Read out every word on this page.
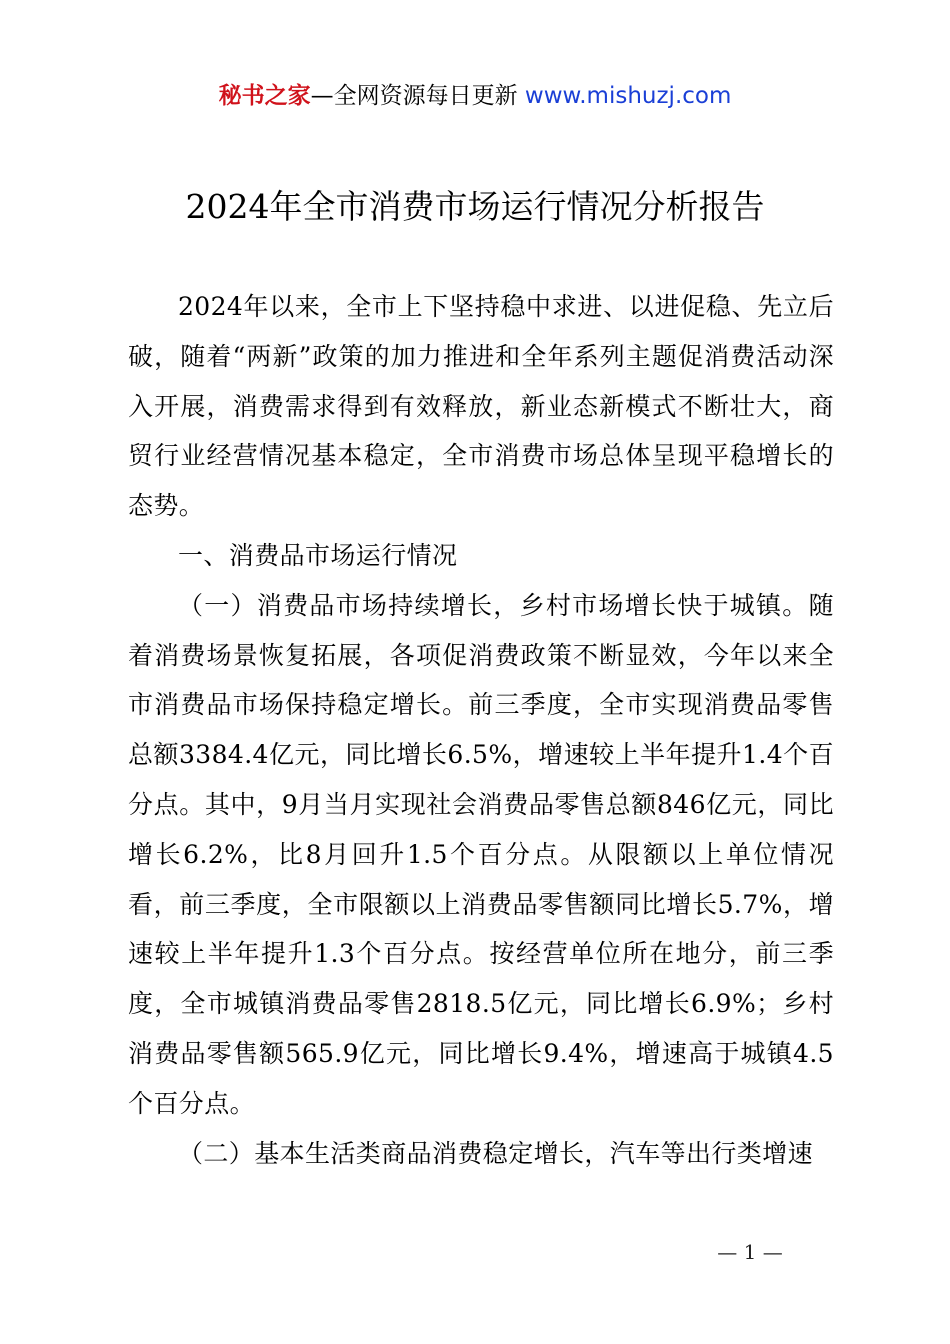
秘书之家—全网资源每日更新 www.mishuzj.com
2024年全市消费市场运行情况分析报告

2024年以来，全市上下坚持稳中求进、以进促稳、先立后破，随着“两新”政策的加力推进和全年系列主题促消费活动深入开展，消费需求得到有效释放，新业态新模式不断壮大，商贸行业经营情况基本稳定，全市消费市场总体呈现平稳增长的态势。

一、消费品市场运行情况

（一）消费品市场持续增长，乡村市场增长快于城镇。随着消费场景恢复拓展，各项促消费政策不断显效，今年以来全市消费品市场保持稳定增长。前三季度，全市实现消费品零售总额3384.4亿元，同比增长6.5%，增速较上半年提升1.4个百分点。其中，9月当月实现社会消费品零售总额846亿元，同比增长6.2%，比8月回升1.5个百分点。从限额以上单位情况看，前三季度，全市限额以上消费品零售额同比增长5.7%，增速较上半年提升1.3个百分点。按经营单位所在地分，前三季度，全市城镇消费品零售2818.5亿元，同比增长6.9%；乡村消费品零售额565.9亿元，同比增长9.4%，增速高于城镇4.5个百分点。

（二）基本生活类商品消费稳定增长，汽车等出行类增速

— 1 —
